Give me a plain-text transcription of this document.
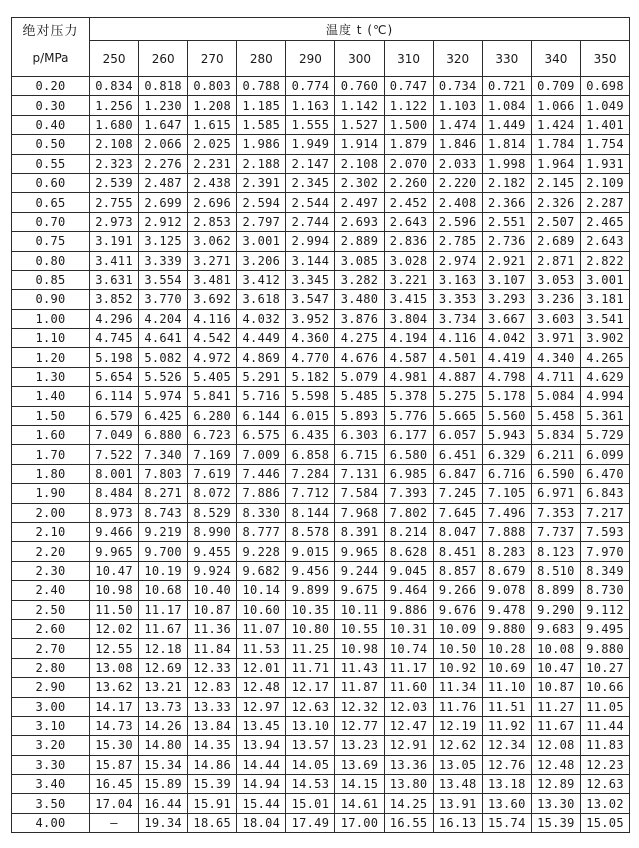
绝对压力	温度 t (℃)										
p/MPa	250	260	270	280	290	300	310	320	330	340	350
0.20	0.834	0.818	0.803	0.788	0.774	0.760	0.747	0.734	0.721	0.709	0.698
0.30	1.256	1.230	1.208	1.185	1.163	1.142	1.122	1.103	1.084	1.066	1.049
0.40	1.680	1.647	1.615	1.585	1.555	1.527	1.500	1.474	1.449	1.424	1.401
0.50	2.108	2.066	2.025	1.986	1.949	1.914	1.879	1.846	1.814	1.784	1.754
0.55	2.323	2.276	2.231	2.188	2.147	2.108	2.070	2.033	1.998	1.964	1.931
0.60	2.539	2.487	2.438	2.391	2.345	2.302	2.260	2.220	2.182	2.145	2.109
0.65	2.755	2.699	2.696	2.594	2.544	2.497	2.452	2.408	2.366	2.326	2.287
0.70	2.973	2.912	2.853	2.797	2.744	2.693	2.643	2.596	2.551	2.507	2.465
0.75	3.191	3.125	3.062	3.001	2.994	2.889	2.836	2.785	2.736	2.689	2.643
0.80	3.411	3.339	3.271	3.206	3.144	3.085	3.028	2.974	2.921	2.871	2.822
0.85	3.631	3.554	3.481	3.412	3.345	3.282	3.221	3.163	3.107	3.053	3.001
0.90	3.852	3.770	3.692	3.618	3.547	3.480	3.415	3.353	3.293	3.236	3.181
1.00	4.296	4.204	4.116	4.032	3.952	3.876	3.804	3.734	3.667	3.603	3.541
1.10	4.745	4.641	4.542	4.449	4.360	4.275	4.194	4.116	4.042	3.971	3.902
1.20	5.198	5.082	4.972	4.869	4.770	4.676	4.587	4.501	4.419	4.340	4.265
1.30	5.654	5.526	5.405	5.291	5.182	5.079	4.981	4.887	4.798	4.711	4.629
1.40	6.114	5.974	5.841	5.716	5.598	5.485	5.378	5.275	5.178	5.084	4.994
1.50	6.579	6.425	6.280	6.144	6.015	5.893	5.776	5.665	5.560	5.458	5.361
1.60	7.049	6.880	6.723	6.575	6.435	6.303	6.177	6.057	5.943	5.834	5.729
1.70	7.522	7.340	7.169	7.009	6.858	6.715	6.580	6.451	6.329	6.211	6.099
1.80	8.001	7.803	7.619	7.446	7.284	7.131	6.985	6.847	6.716	6.590	6.470
1.90	8.484	8.271	8.072	7.886	7.712	7.584	7.393	7.245	7.105	6.971	6.843
2.00	8.973	8.743	8.529	8.330	8.144	7.968	7.802	7.645	7.496	7.353	7.217
2.10	9.466	9.219	8.990	8.777	8.578	8.391	8.214	8.047	7.888	7.737	7.593
2.20	9.965	9.700	9.455	9.228	9.015	9.965	8.628	8.451	8.283	8.123	7.970
2.30	10.47	10.19	9.924	9.682	9.456	9.244	9.045	8.857	8.679	8.510	8.349
2.40	10.98	10.68	10.40	10.14	9.899	9.675	9.464	9.266	9.078	8.899	8.730
2.50	11.50	11.17	10.87	10.60	10.35	10.11	9.886	9.676	9.478	9.290	9.112
2.60	12.02	11.67	11.36	11.07	10.80	10.55	10.31	10.09	9.880	9.683	9.495
2.70	12.55	12.18	11.84	11.53	11.25	10.98	10.74	10.50	10.28	10.08	9.880
2.80	13.08	12.69	12.33	12.01	11.71	11.43	11.17	10.92	10.69	10.47	10.27
2.90	13.62	13.21	12.83	12.48	12.17	11.87	11.60	11.34	11.10	10.87	10.66
3.00	14.17	13.73	13.33	12.97	12.63	12.32	12.03	11.76	11.51	11.27	11.05
3.10	14.73	14.26	13.84	13.45	13.10	12.77	12.47	12.19	11.92	11.67	11.44
3.20	15.30	14.80	14.35	13.94	13.57	13.23	12.91	12.62	12.34	12.08	11.83
3.30	15.87	15.34	14.86	14.44	14.05	13.69	13.36	13.05	12.76	12.48	12.23
3.40	16.45	15.89	15.39	14.94	14.53	14.15	13.80	13.48	13.18	12.89	12.63
3.50	17.04	16.44	15.91	15.44	15.01	14.61	14.25	13.91	13.60	13.30	13.02
4.00	—	19.34	18.65	18.04	17.49	17.00	16.55	16.13	15.74	15.39	15.05
